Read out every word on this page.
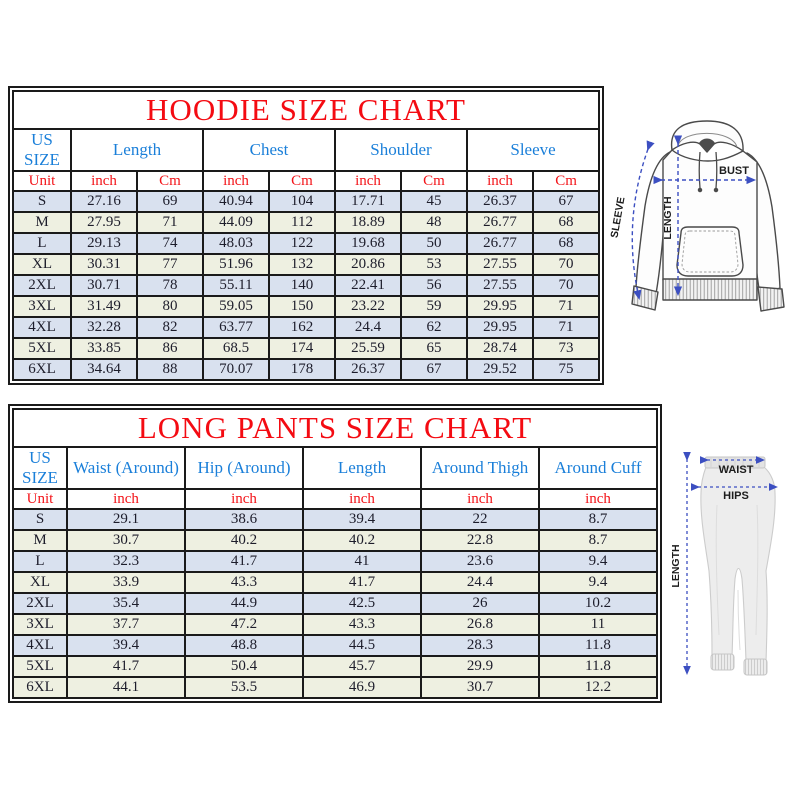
HOODIE SIZE CHART								
US SIZE	Length		Chest		Shoulder		Sleeve	
Unit	inch	Cm	inch	Cm	inch	Cm	inch	Cm
S	27.16	69	40.94	104	17.71	45	26.37	67
M	27.95	71	44.09	112	18.89	48	26.77	68
L	29.13	74	48.03	122	19.68	50	26.77	68
XL	30.31	77	51.96	132	20.86	53	27.55	70
2XL	30.71	78	55.11	140	22.41	56	27.55	70
3XL	31.49	80	59.05	150	23.22	59	29.95	71
4XL	32.28	82	63.77	162	24.4	62	29.95	71
5XL	33.85	86	68.5	174	25.59	65	28.74	73
6XL	34.64	88	70.07	178	26.37	67	29.52	75
LONG PANTS SIZE CHART					
US SIZE	Waist (Around)	Hip (Around)	Length	Around Thigh	Around Cuff
Unit	inch	inch	inch	inch	inch
S	29.1	38.6	39.4	22	8.7
M	30.7	40.2	40.2	22.8	8.7
L	32.3	41.7	41	23.6	9.4
XL	33.9	43.3	41.7	24.4	9.4
2XL	35.4	44.9	42.5	26	10.2
3XL	37.7	47.2	43.3	26.8	11
4XL	39.4	48.8	44.5	28.3	11.8
5XL	41.7	50.4	45.7	29.9	11.8
6XL	44.1	53.5	46.9	30.7	12.2
BUST
LENGTH
SLEEVE
WAIST
HIPS
LENGTH
